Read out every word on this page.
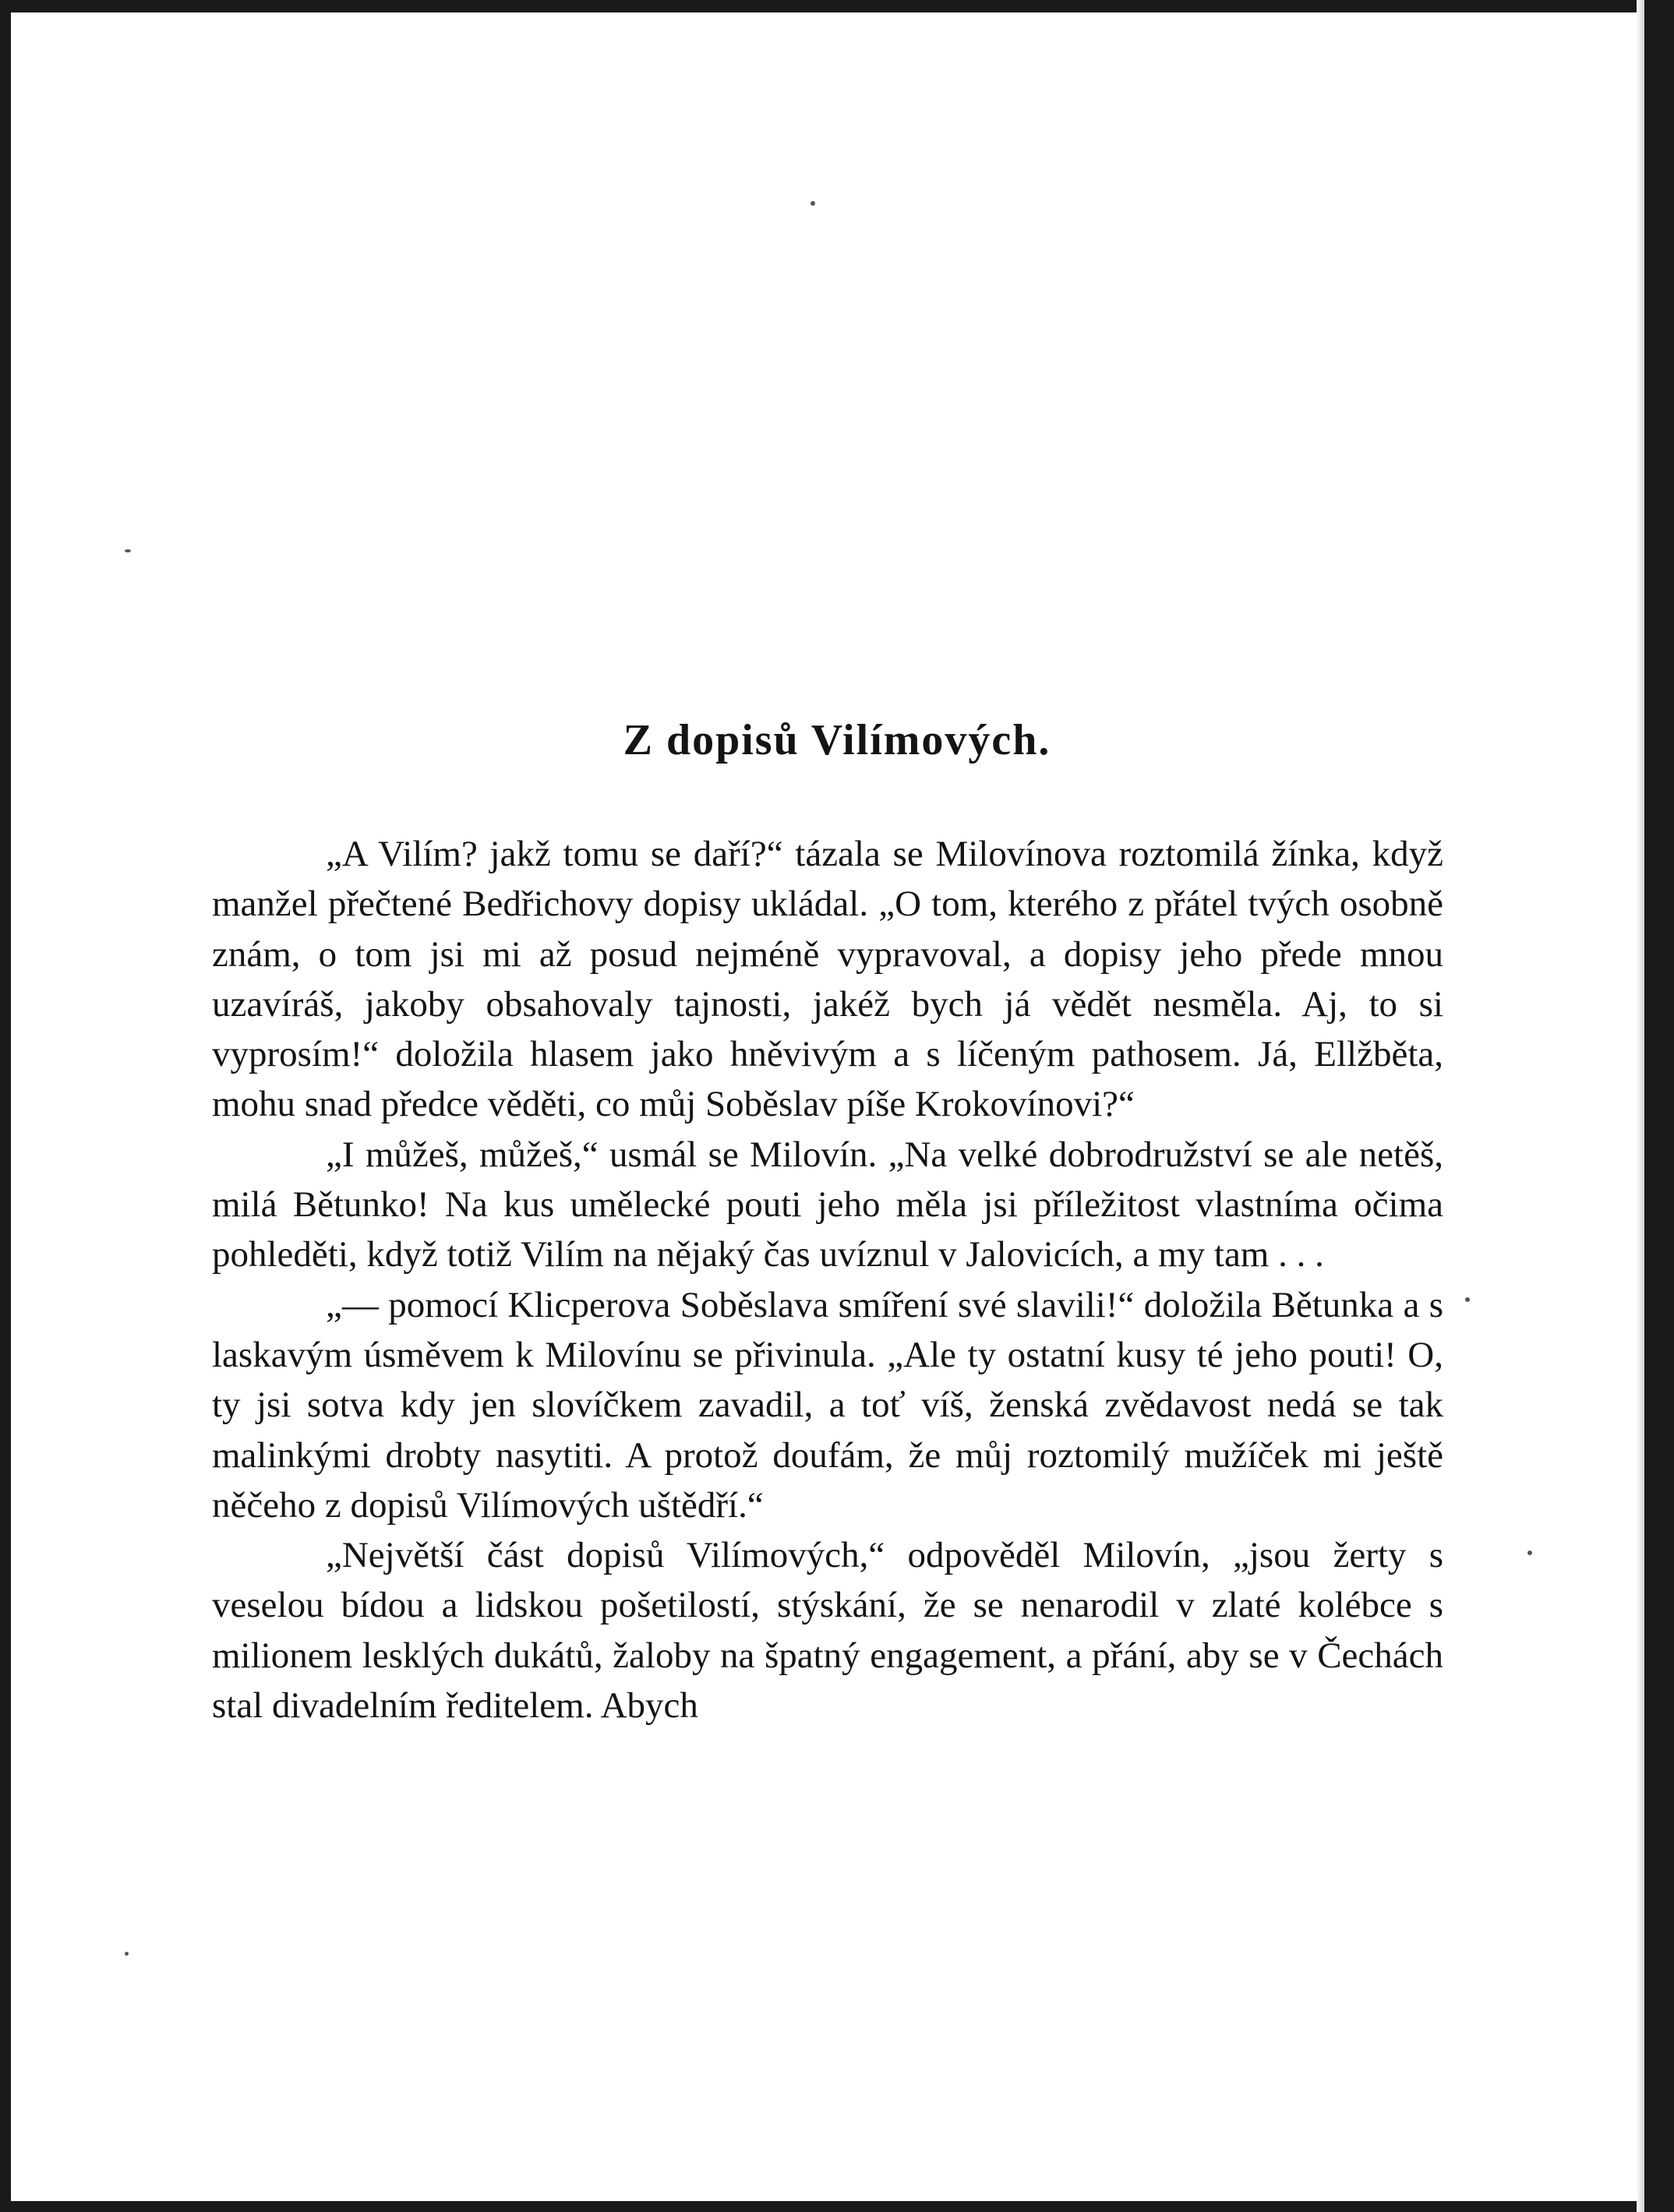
Z dopisů Vilímových.

„A Vilím? jakž tomu se daří?“ tázala se Milovínova roztomilá žínka, když manžel přečtené Bedřichovy dopisy ukládal. „O tom, kterého z přátel tvých osobně znám, o tom jsi mi až posud nejméně vypravoval, a dopisy jeho přede mnou uzavíráš, jakoby obsahovaly tajnosti, jakéž bych já vědět nesměla. Aj, to si vyprosím!“ doložila hlasem jako hněvivým a s líčeným pathosem. Já, Ellžběta, mohu snad předce věděti, co můj Soběslav píše Krokovínovi?“

„I můžeš, můžeš,“ usmál se Milovín. „Na velké dobrodružství se ale netěš, milá Bětunko! Na kus umělecké pouti jeho měla jsi příležitost vlastníma očima pohleděti, když totiž Vilím na nějaký čas uvíznul v Jalovicích, a my tam . . .

„— pomocí Klicperova Soběslava smíření své slavili!“ doložila Bětunka a s laskavým úsměvem k Milovínu se přivinula. „Ale ty ostatní kusy té jeho pouti! O, ty jsi sotva kdy jen slovíčkem zavadil, a toť víš, ženská zvědavost nedá se tak malinkými drobty nasytiti. A protož doufám, že můj roztomilý mužíček mi ještě něčeho z dopisů Vilímových uštědří.“

„Největší část dopisů Vilímových,“ odpověděl Milovín, „jsou žerty s veselou bídou a lidskou pošetilostí, stýskání, že se nenarodil v zlaté kolébce s milionem lesklých dukátů, žaloby na špatný engagement, a přání, aby se v Čechách stal divadelním ředitelem. Abych
